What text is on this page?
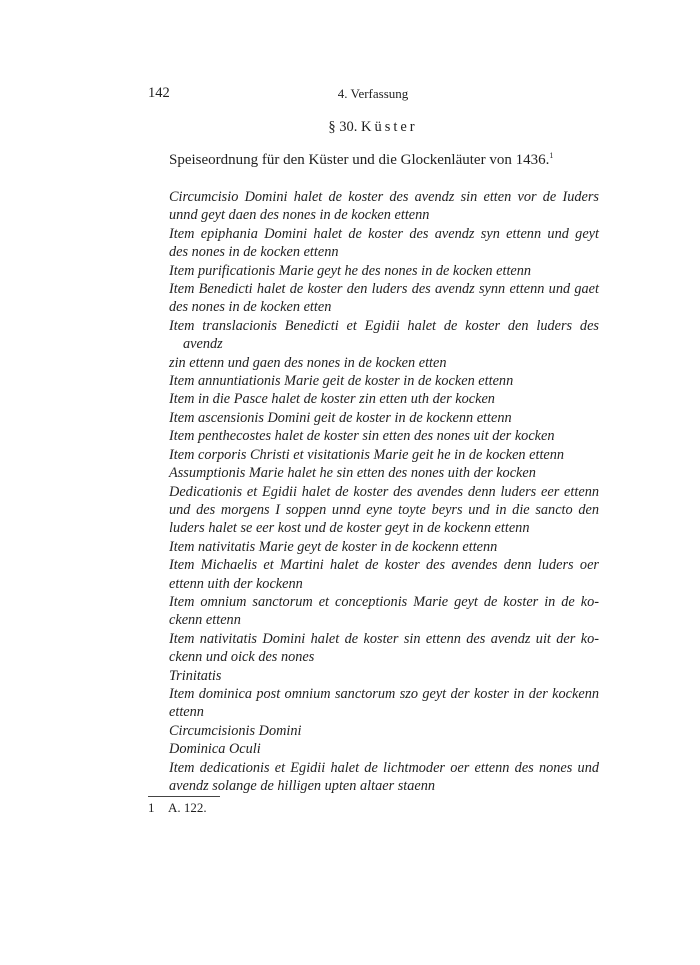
142	4. Verfassung
§ 30. Küster
Speiseordnung für den Küster und die Glockenläuter von 1436.$^1$
Circumcisio Domini halet de koster des avendz sin etten vor de Iuders
unnd geyt daen des nones in de kocken ettenn
Item epiphania Domini halet de koster des avendz syn ettenn und geyt
des nones in de kocken ettenn
Item purificationis Marie geyt he des nones in de kocken ettenn
Item Benedicti halet de koster den luders des avendz synn ettenn und gaet
des nones in de kocken etten
Item translacionis Benedicti et Egidii halet de koster den luders des avendz
zin ettenn und gaen des nones in de kocken etten
Item annuntiationis Marie geit de koster in de kocken ettenn
Item in die Pasce halet de koster zin etten uth der kocken
Item ascensionis Domini geit de koster in de kockenn ettenn
Item penthecostes halet de koster sin etten des nones uit der kocken
Item corporis Christi et visitationis Marie geit he in de kocken ettenn
Assumptionis Marie halet he sin etten des nones uith der kocken
Dedicationis et Egidii halet de koster des avendes denn luders eer ettenn
und des morgens I soppen unnd eyne toyte beyrs und in die sancto den
luders halet se eer kost und de koster geyt in de kockenn ettenn
Item nativitatis Marie geyt de koster in de kockenn ettenn
Item Michaelis et Martini halet de koster des avendes denn luders oer
ettenn uith der kockenn
Item omnium sanctorum et conceptionis Marie geyt de koster in de ko-
ckenn ettenn
Item nativitatis Domini halet de koster sin ettenn des avendz uit der ko-
ckenn und oick des nones
Trinitatis
Item dominica post omnium sanctorum szo geyt der koster in der kockenn
ettenn
Circumcisionis Domini
Dominica Oculi
Item dedicationis et Egidii halet de lichtmoder oer ettenn des nones und
avendz solange de hilligen upten altaer staenn
1 A. 122.
